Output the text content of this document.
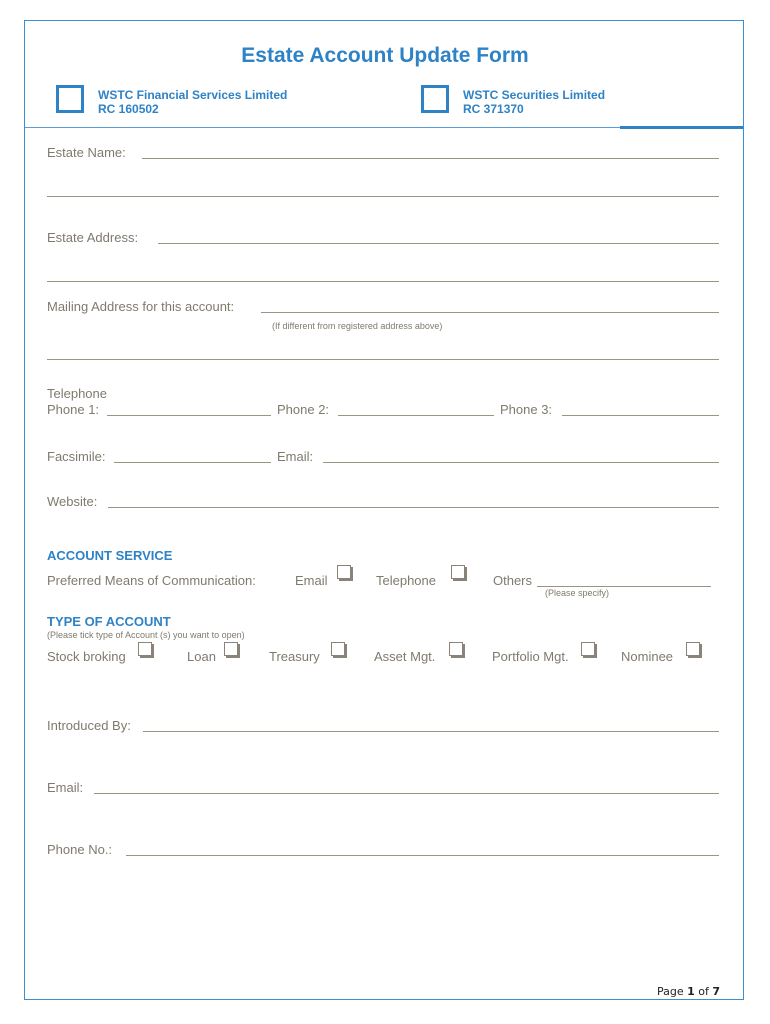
Estate Account Update Form
WSTC Financial Services Limited
RC 160502
WSTC Securities Limited
RC 371370
Estate Name:
Estate Address:
Mailing Address for this account:
(If different from registered address above)
Telephone
Phone 1:	Phone 2:	Phone 3:
Facsimile:	Email:
Website:
ACCOUNT SERVICE
Preferred Means of Communication:	Email	Telephone	Others
(Please specify)
TYPE OF ACCOUNT
(Please tick type of Account (s) you want to open)
Stock broking	Loan	Treasury	Asset Mgt.	Portfolio Mgt.	Nominee
Introduced By:
Email:
Phone No.:
Page 1 of 7
